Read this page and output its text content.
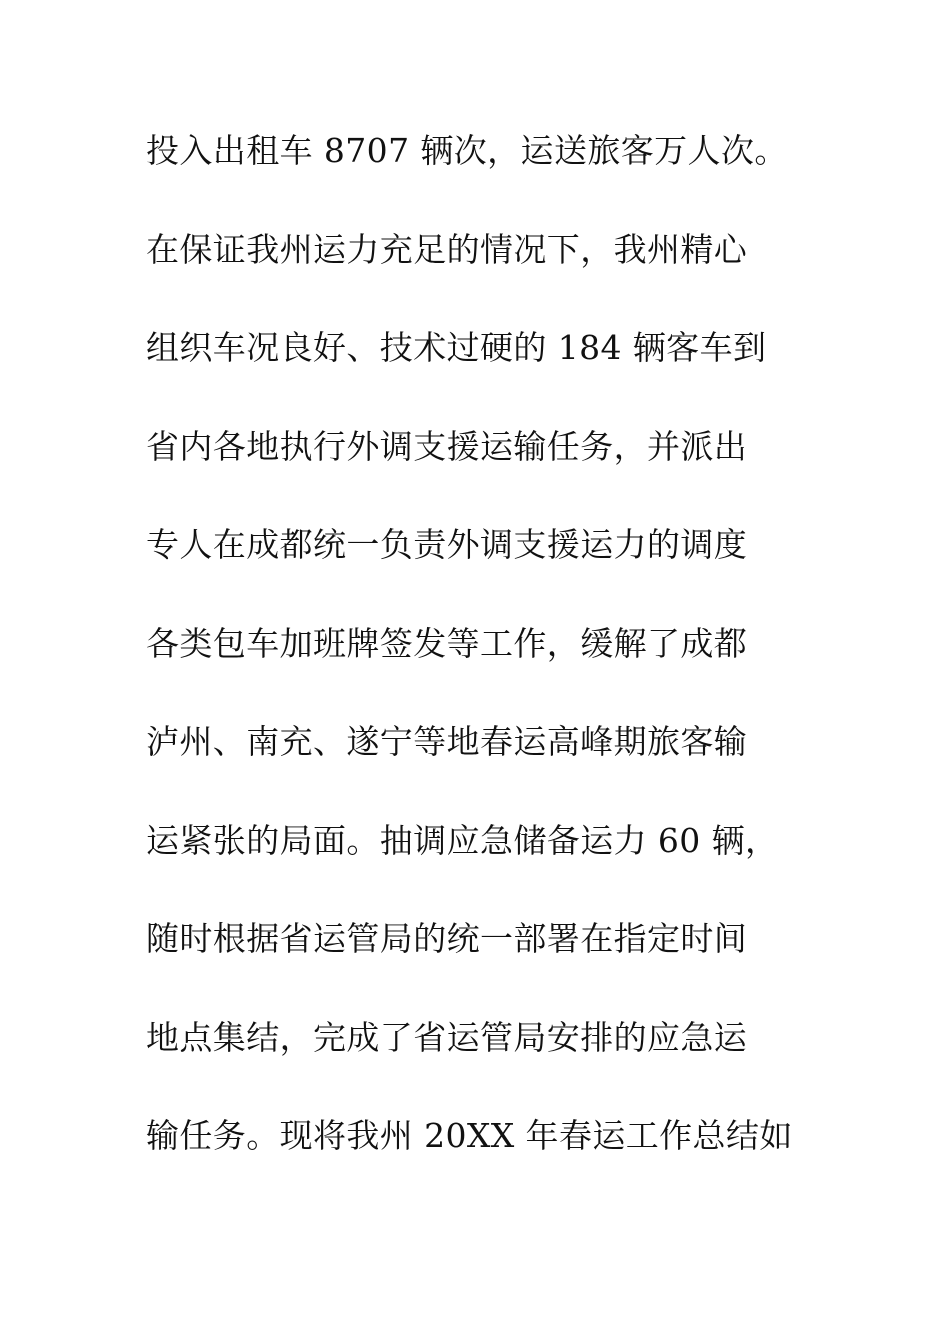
投入出租车 8707 辆次，运送旅客万人次。
在保证我州运力充足的情况下，我州精心
组织车况良好、技术过硬的 184 辆客车到
省内各地执行外调支援运输任务，并派出
专人在成都统一负责外调支援运力的调度
各类包车加班牌签发等工作，缓解了成都
泸州、南充、遂宁等地春运高峰期旅客输
运紧张的局面。抽调应急储备运力 60 辆，
随时根据省运管局的统一部署在指定时间
地点集结，完成了省运管局安排的应急运
输任务。现将我州 20XX 年春运工作总结如
